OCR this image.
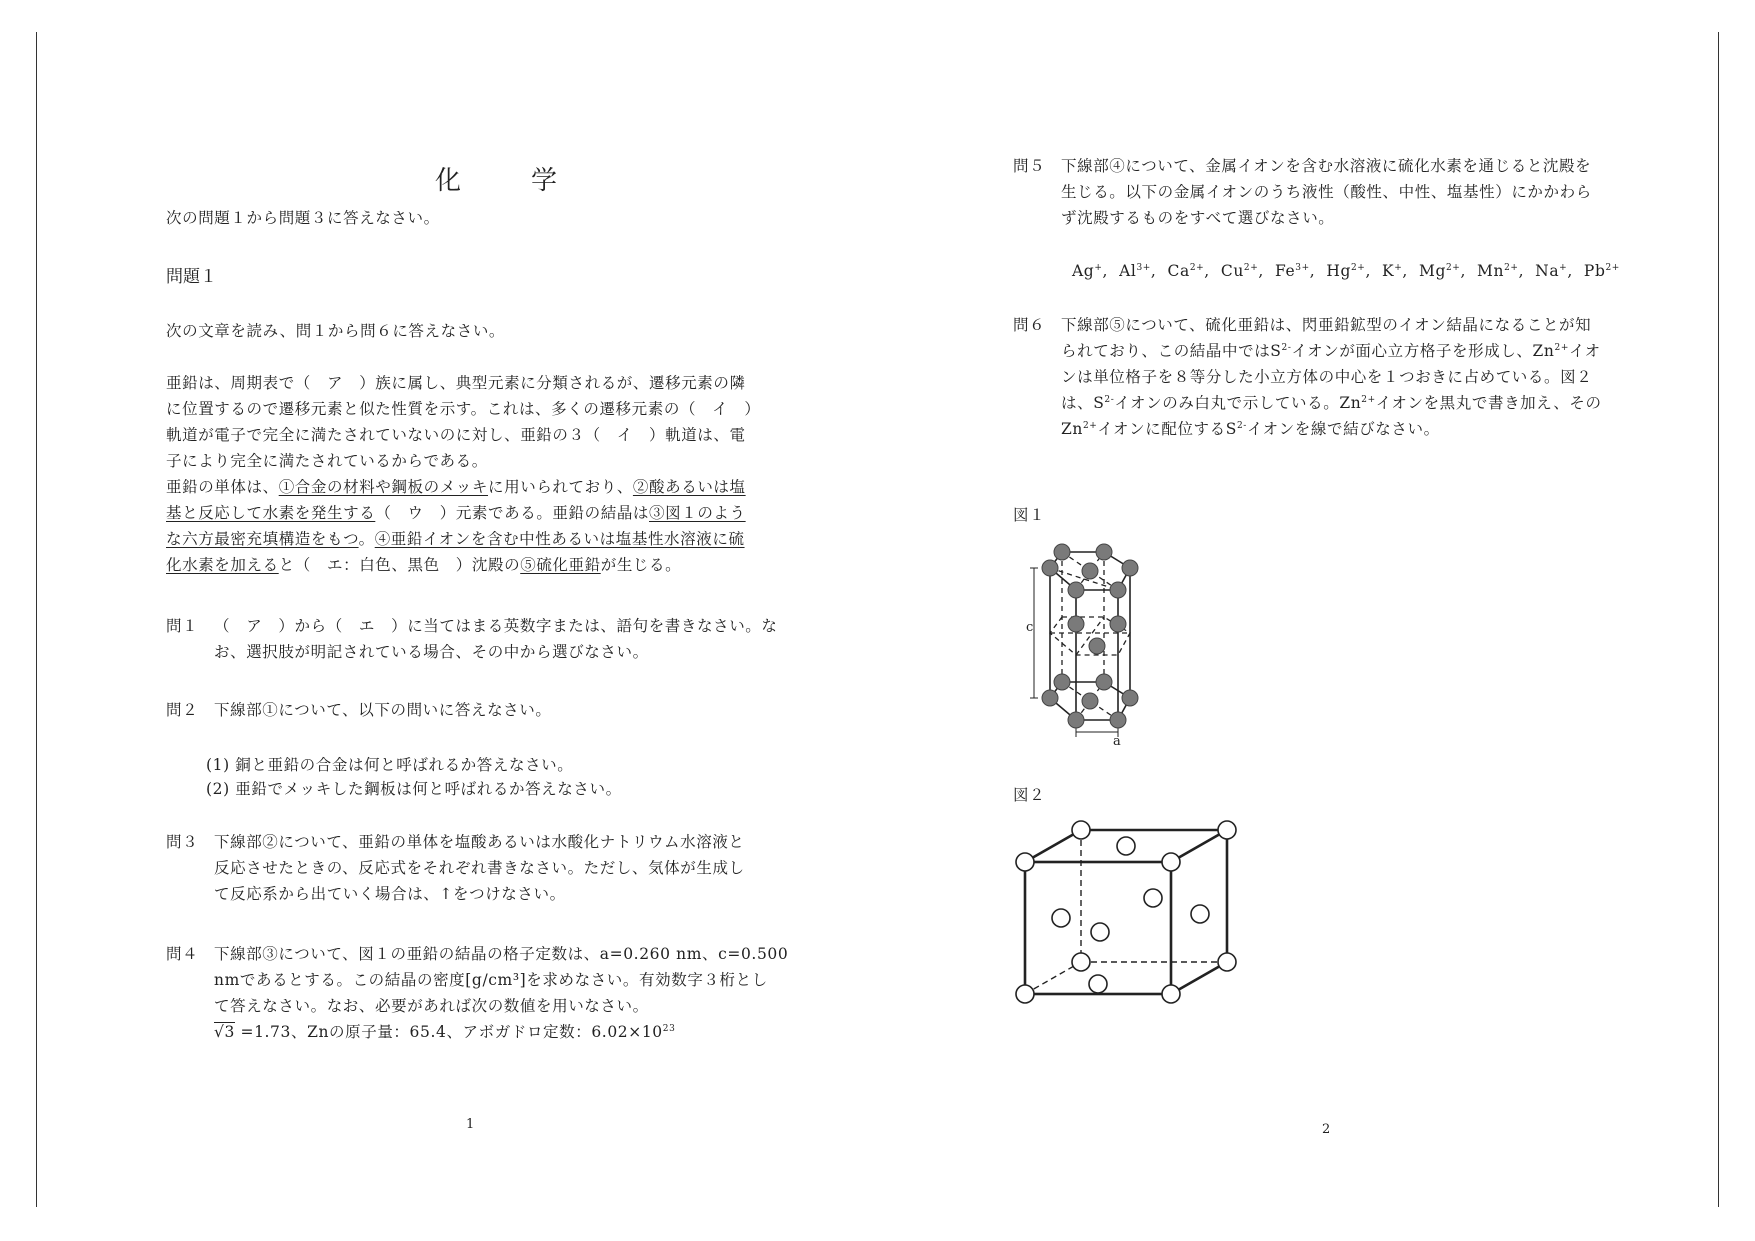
化　学
次の問題１から問題３に答えなさい。
問題１
次の文章を読み、問１から問６に答えなさい。
亜鉛は、周期表で（　ア　）族に属し、典型元素に分類されるが、遷移元素の隣
に位置するので遷移元素と似た性質を示す。これは、多くの遷移元素の（　イ　）
軌道が電子で完全に満たされていないのに対し、亜鉛の３（　イ　）軌道は、電
子により完全に満たされているからである。
亜鉛の単体は、①合金の材料や鋼板のメッキに用いられており、②酸あるいは塩
基と反応して水素を発生する（　ウ　）元素である。亜鉛の結晶は③図１のよう
な六方最密充填構造をもつ。④亜鉛イオンを含む中性あるいは塩基性水溶液に硫
化水素を加えると（　エ：白色、黒色　）沈殿の⑤硫化亜鉛が生じる。
問１ （　ア　）から（　エ　）に当てはまる英数字または、語句を書きなさい。な
お、選択肢が明記されている場合、その中から選びなさい。
問２ 下線部①について、以下の問いに答えなさい。
(1) 銅と亜鉛の合金は何と呼ばれるか答えなさい。
(2) 亜鉛でメッキした鋼板は何と呼ばれるか答えなさい。
問３ 下線部②について、亜鉛の単体を塩酸あるいは水酸化ナトリウム水溶液と
反応させたときの、反応式をそれぞれ書きなさい。ただし、気体が生成し
て反応系から出ていく場合は、↑をつけなさい。
問４ 下線部③について、図１の亜鉛の結晶の格子定数は、a=0.260 nm、c=0.500
nmであるとする。この結晶の密度[g/cm³]を求めなさい。有効数字３桁とし
て答えなさい。なお、必要があれば次の数値を用いなさい。
√3 =1.73、Znの原子量：65.4、アボガドロ定数：$6.02\times 10^{23}$
1
問５ 下線部④について、金属イオンを含む水溶液に硫化水素を通じると沈殿を
生じる。以下の金属イオンのうち液性（酸性、中性、塩基性）にかかわら
ず沈殿するものをすべて選びなさい。
Ag+,  $Al^{3+}$,  $Ca^{2+}$,  $Cu^{2+}$,  $Fe^{3+}$,  $Hg^{2+}$,  K+,  $Mg^{2+}$,  $Mn^{2+}$,  Na+,  $Pb^{2+}$
問６ 下線部⑤について、硫化亜鉛は、閃亜鉛鉱型のイオン結晶になることが知
られており、この結晶中では$S^{2-}$イオンが面心立方格子を形成し、$Zn^{2+}$イオ
ンは単位格子を８等分した小立方体の中心を１つおきに占めている。図２
は、$S^{2-}$イオンのみ白丸で示している。$Zn^{2+}$イオンを黒丸で書き加え、その
$Zn^{2+}$イオンに配位する$S^{2-}$イオンを線で結びなさい。
図１
c
a
図２
2
